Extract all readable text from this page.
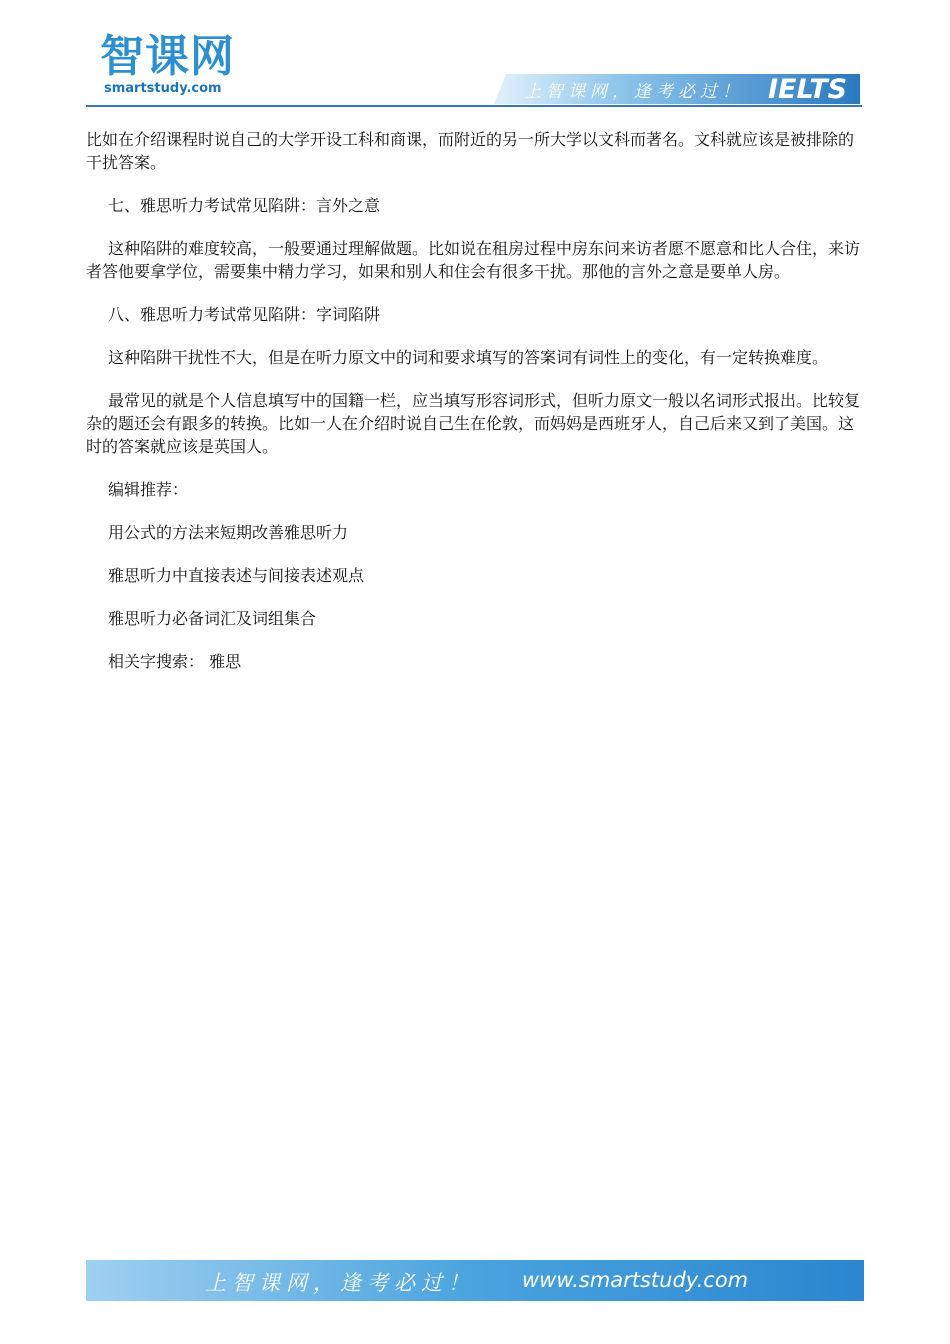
智课网
smartstudy.com	上智课网，逢考必过！ IELTS

比如在介绍课程时说自己的大学开设工科和商课，而附近的另一所大学以文科而著名。文科就应该是被排除的干扰答案。

七、雅思听力考试常见陷阱：言外之意

这种陷阱的难度较高，一般要通过理解做题。比如说在租房过程中房东问来访者愿不愿意和比人合住，来访者答他要拿学位，需要集中精力学习，如果和别人和住会有很多干扰。那他的言外之意是要单人房。

八、雅思听力考试常见陷阱：字词陷阱

这种陷阱干扰性不大，但是在听力原文中的词和要求填写的答案词有词性上的变化，有一定转换难度。

最常见的就是个人信息填写中的国籍一栏，应当填写形容词形式，但听力原文一般以名词形式报出。比较复杂的题还会有跟多的转换。比如一人在介绍时说自己生在伦敦，而妈妈是西班牙人，自己后来又到了美国。这时的答案就应该是英国人。

编辑推荐：

用公式的方法来短期改善雅思听力

雅思听力中直接表述与间接表述观点

雅思听力必备词汇及词组集合

相关字搜索： 雅思

上智课网，逢考必过！ www.smartstudy.com
